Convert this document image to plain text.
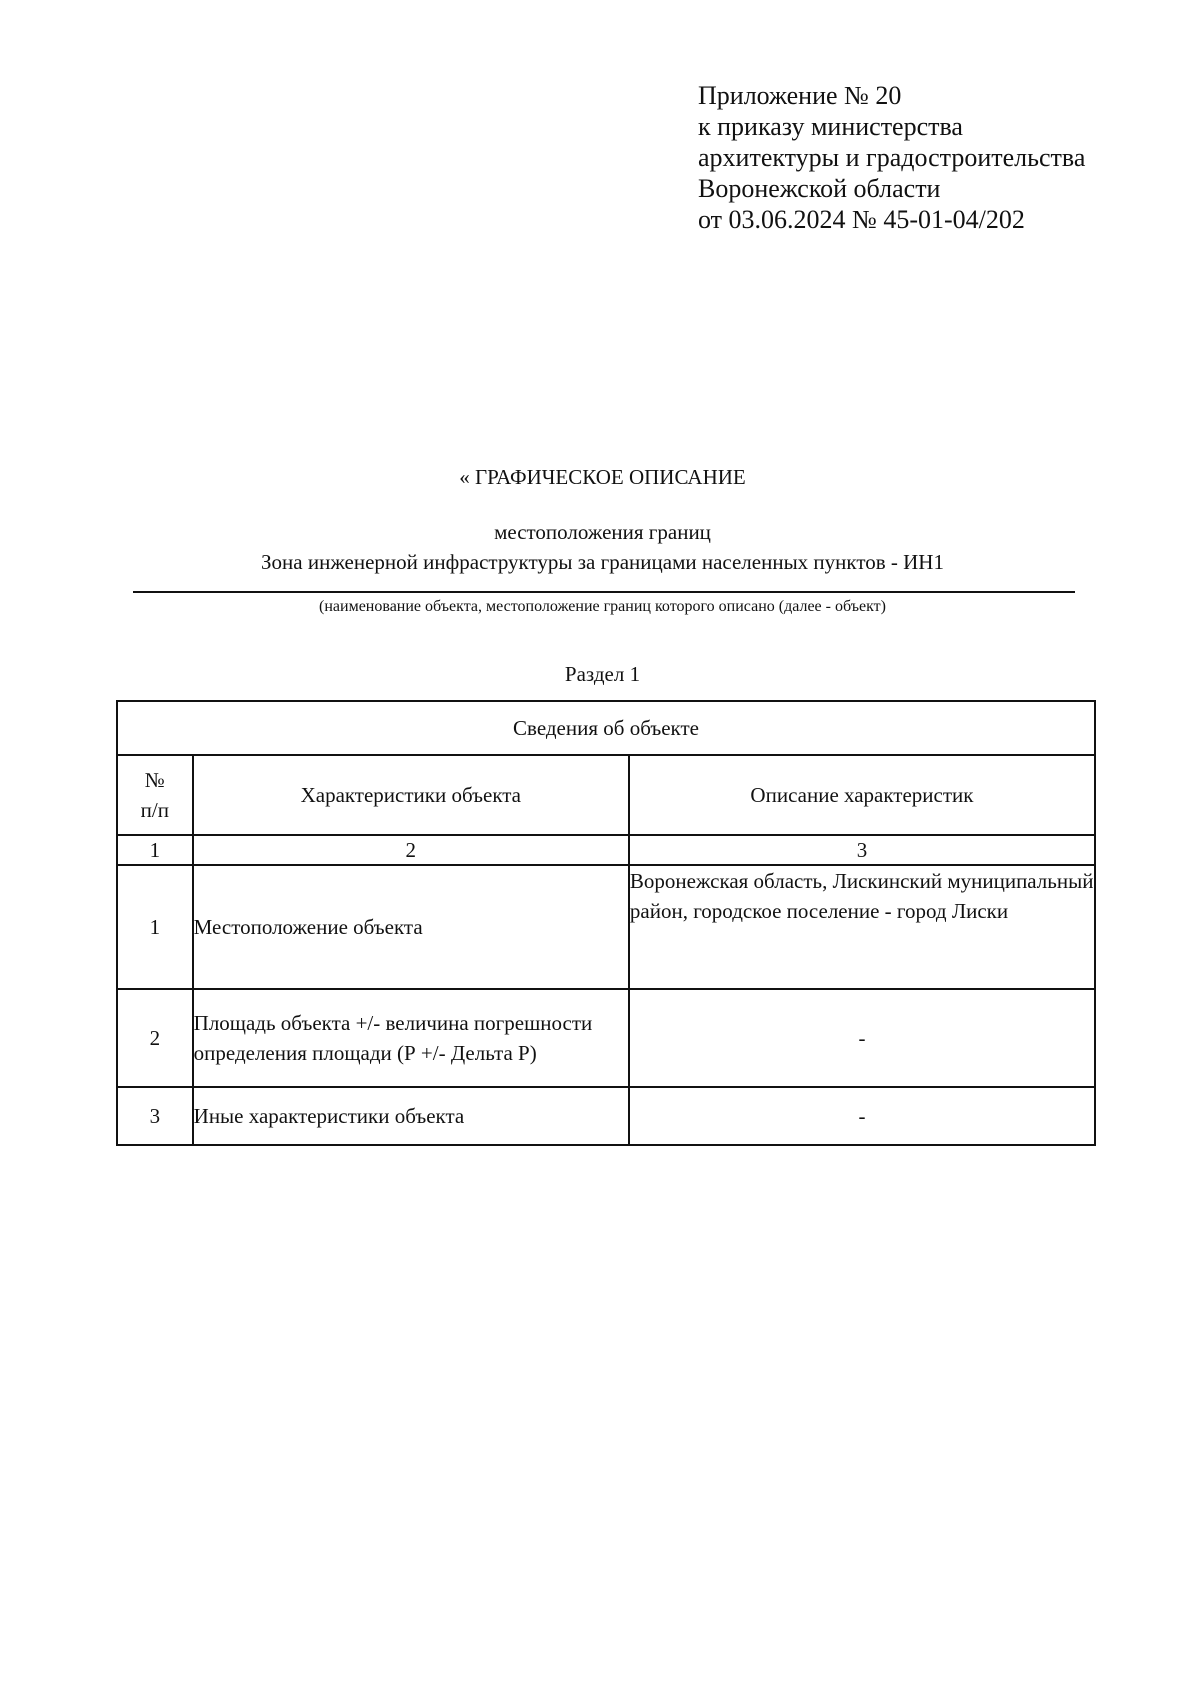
Приложение № 20
к приказу министерства
архитектуры и градостроительства
Воронежской области
от 03.06.2024 № 45-01-04/202
« ГРАФИЧЕСКОЕ ОПИСАНИЕ
местоположения границ
Зона инженерной инфраструктуры за границами населенных пунктов - ИН1
(наименование объекта, местоположение границ которого описано (далее - объект)
Раздел 1
Сведения об объекте		

№
п/п	Характеристики объекта	Описание характеристик
1	2	3
1	Местоположение объекта	Воронежская область, Лискинский муниципальный район, городское поселение - город Лиски
2	Площадь объекта +/- величина погрешности определения площади (Р +/- Дельта Р)	-
3	Иные характеристики объекта	-
